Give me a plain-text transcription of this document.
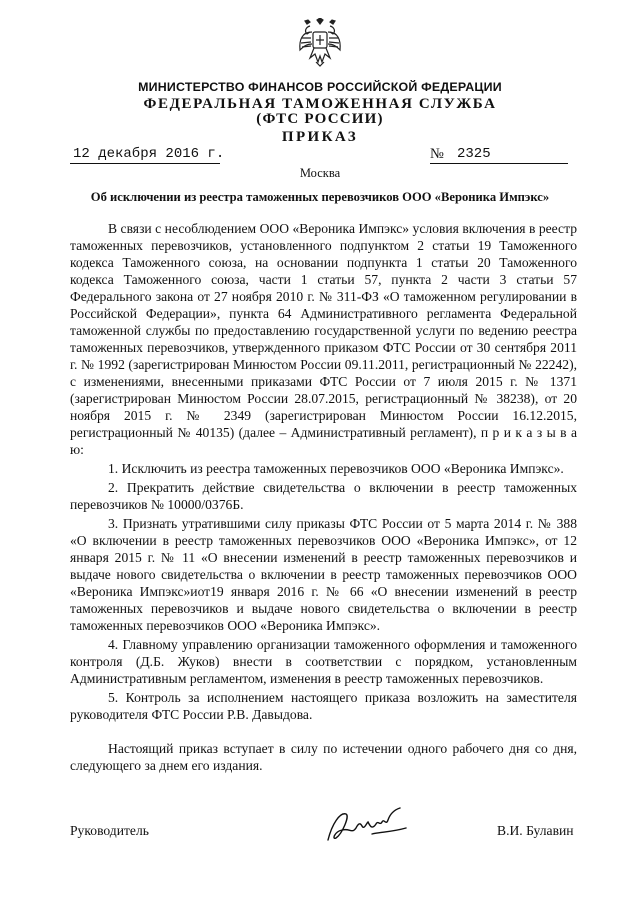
МИНИСТЕРСТВО ФИНАНСОВ РОССИЙСКОЙ ФЕДЕРАЦИИ
ФЕДЕРАЛЬНАЯ ТАМОЖЕННАЯ СЛУЖБА
(ФТС РОССИИ)
ПРИКАЗ
12 декабря 2016 г.	№ 2325
Москва
Об исключении из реестра таможенных перевозчиков ООО «Вероника Импэкс»

В связи с несоблюдением ООО «Вероника Импэкс» условия включения в реестр таможенных перевозчиков, установленного подпунктом 2 статьи 19 Таможенного кодекса Таможенного союза, на основании подпункта 1 статьи 20 Таможенного кодекса Таможенного союза, части 1 статьи 57, пункта 2 части 3 статьи 57 Федерального закона от 27 ноября 2010 г. № 311-ФЗ «О таможенном регулировании в Российской Федерации», пункта 64 Административного регламента Федеральной таможенной службы по предоставлению государственной услуги по ведению реестра таможенных перевозчиков, утвержденного приказом ФТС России от 30 сентября 2011 г. № 1992 (зарегистрирован Минюстом России 09.11.2011, регистрационный № 22242), с изменениями, внесенными приказами ФТС России от 7 июля 2015 г. № 1371 (зарегистрирован Минюстом России 28.07.2015, регистрационный № 38238), от 20 ноября 2015 г. № 2349 (зарегистрирован Минюстом России 16.12.2015, регистрационный № 40135) (далее – Административный регламент), п р и к а з ы в а ю:

1. Исключить из реестра таможенных перевозчиков ООО «Вероника Импэкс».

2. Прекратить действие свидетельства о включении в реестр таможенных перевозчиков № 10000/0376Б.

3. Признать утратившими силу приказы ФТС России от 5 марта 2014 г. № 388 «О включении в реестр таможенных перевозчиков ООО «Вероника Импэкс», от 12 января 2015 г. № 11 «О внесении изменений в реестр таможенных перевозчиков и выдаче нового свидетельства о включении в реестр таможенных перевозчиков ООО «Вероника Импэкс»иот19 января 2016 г. № 66 «О внесении изменений в реестр таможенных перевозчиков и выдаче нового свидетельства о включении в реестр таможенных перевозчиков ООО «Вероника Импэкс».

4. Главному управлению организации таможенного оформления и таможенного контроля (Д.Б. Жуков) внести в соответствии с порядком, установленным Административным регламентом, изменения в реестр таможенных перевозчиков.

5. Контроль за исполнением настоящего приказа возложить на заместителя руководителя ФТС России Р.В. Давыдова.

Настоящий приказ вступает в силу по истечении одного рабочего дня со дня, следующего за днем его издания.

Руководитель	В.И. Булавин
